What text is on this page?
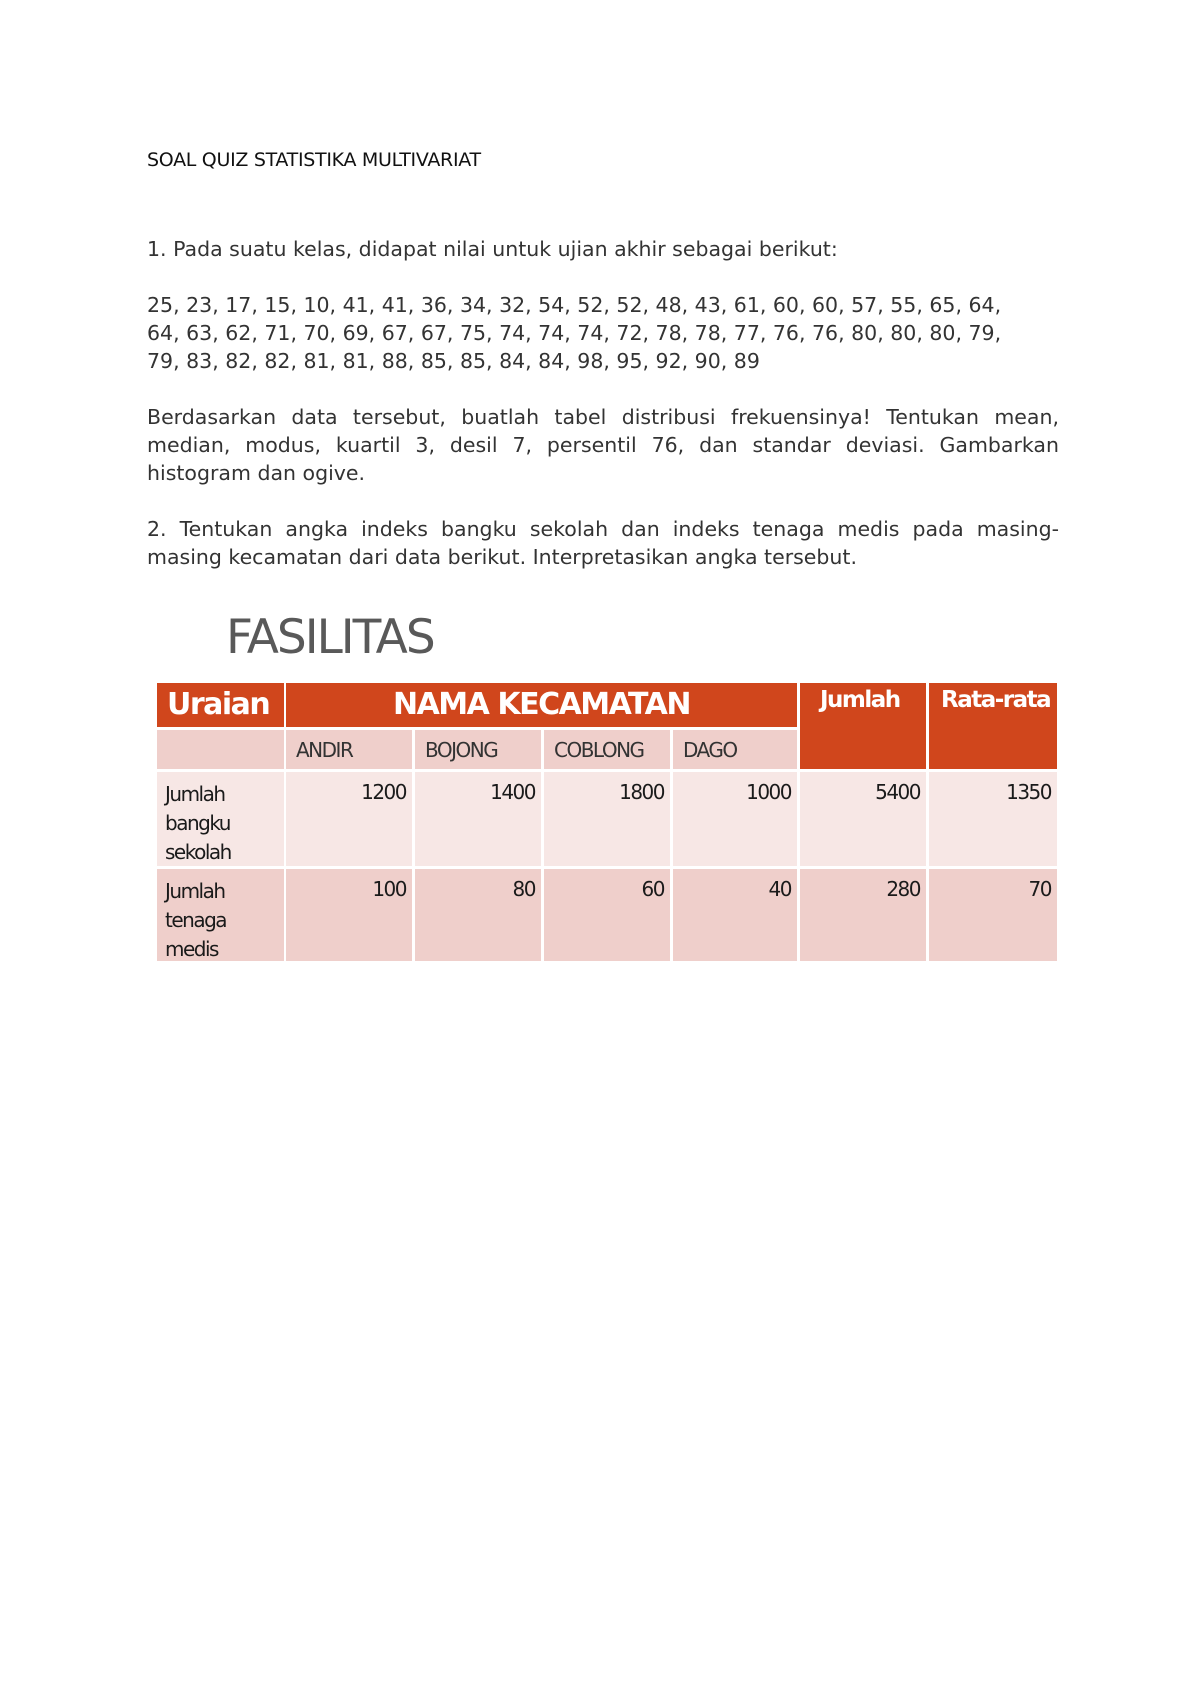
SOAL QUIZ STATISTIKA MULTIVARIAT
1. Pada suatu kelas, didapat nilai untuk ujian akhir sebagai berikut:
25, 23, 17, 15, 10, 41, 41, 36, 34, 32, 54, 52, 52, 48, 43, 61, 60, 60, 57, 55, 65, 64,
64, 63, 62, 71, 70, 69, 67, 67, 75, 74, 74, 74, 72, 78, 78, 77, 76, 76, 80, 80, 80, 79,
79, 83, 82, 82, 81, 81, 88, 85, 85, 84, 84, 98, 95, 92, 90, 89
Berdasarkan data tersebut, buatlah tabel distribusi frekuensinya! Tentukan mean, median, modus, kuartil 3, desil 7, persentil 76, dan standar deviasi. Gambarkan histogram dan ogive.
2. Tentukan angka indeks bangku sekolah dan indeks tenaga medis pada masing-masing kecamatan dari data berikut. Interpretasikan angka tersebut.
FASILITAS
Uraian	NAMA KECAMATAN	Jumlah	Rata-rata
ANDIR	BOJONG	COBLONG	DAGO
Jumlah
bangku
sekolah
1200	1400	1800	1000	5400	1350
Jumlah
tenaga
medis
100	80	60	40	280	70
